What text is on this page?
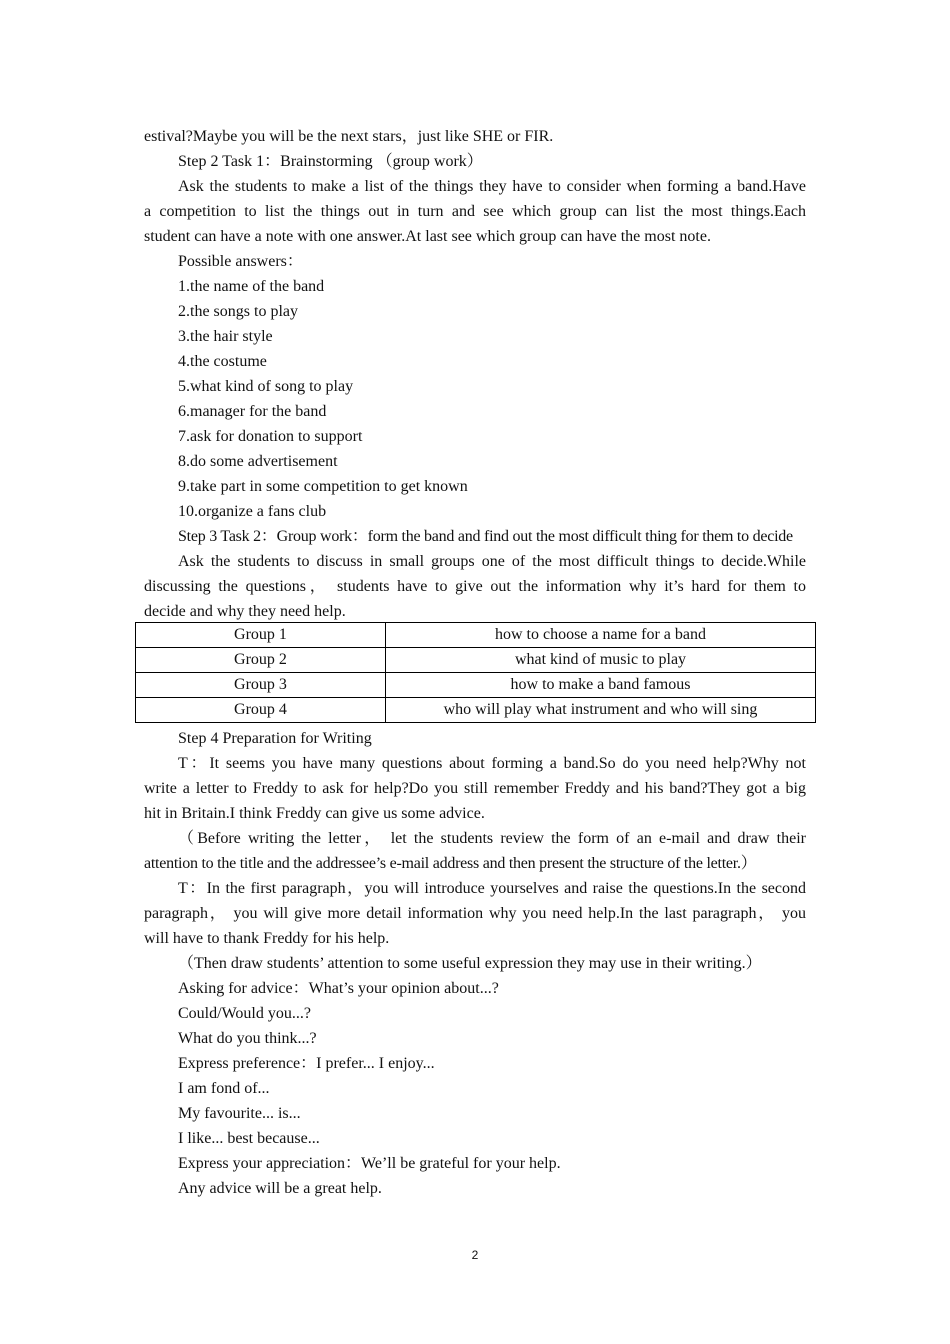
estival?Maybe you will be the next stars，just like SHE or FIR.
Step 2 Task 1：Brainstorming （group work）
Ask the students to make a list of the things they have to consider when forming a band.Have
a competition to list the things out in turn and see which group can list the most things.Each
student can have a note with one answer.At last see which group can have the most note.
Possible answers：
1.the name of the band
2.the songs to play
3.the hair style
4.the costume
5.what kind of song to play
6.manager for the band
7.ask for donation to support
8.do some advertisement
9.take part in some competition to get known
10.organize a fans club
Step 3 Task 2：Group work：form the band and find out the most difficult thing for them to decide
Ask the students to discuss in small groups one of the most difficult things to decide.While
discussing the questions， students have to give out the information why it’s hard for them to
decide and why they need help.
Group 1	how to choose a name for a band
Group 2	what kind of music to play
Group 3	how to make a band famous
Group 4	who will play what instrument and who will sing
Step 4 Preparation for Writing
T：It seems you have many questions about forming a band.So do you need help?Why not
write a letter to Freddy to ask for help?Do you still remember Freddy and his band?They got a big
hit in Britain.I think Freddy can give us some advice.
（Before writing the letter， let the students review the form of an e-mail and draw their
attention to the title and the addressee’s e-mail address and then present the structure of the letter.）
T：In the first paragraph，you will introduce yourselves and raise the questions.In the second
paragraph， you will give more detail information why you need help.In the last paragraph， you
will have to thank Freddy for his help.
（Then draw students’ attention to some useful expression they may use in their writing.）
Asking for advice：What’s your opinion about...?
Could/Would you...?
What do you think...?
Express preference：I prefer... I enjoy...
I am fond of...
My favourite... is...
I like... best because...
Express your appreciation：We’ll be grateful for your help.
Any advice will be a great help.
2
